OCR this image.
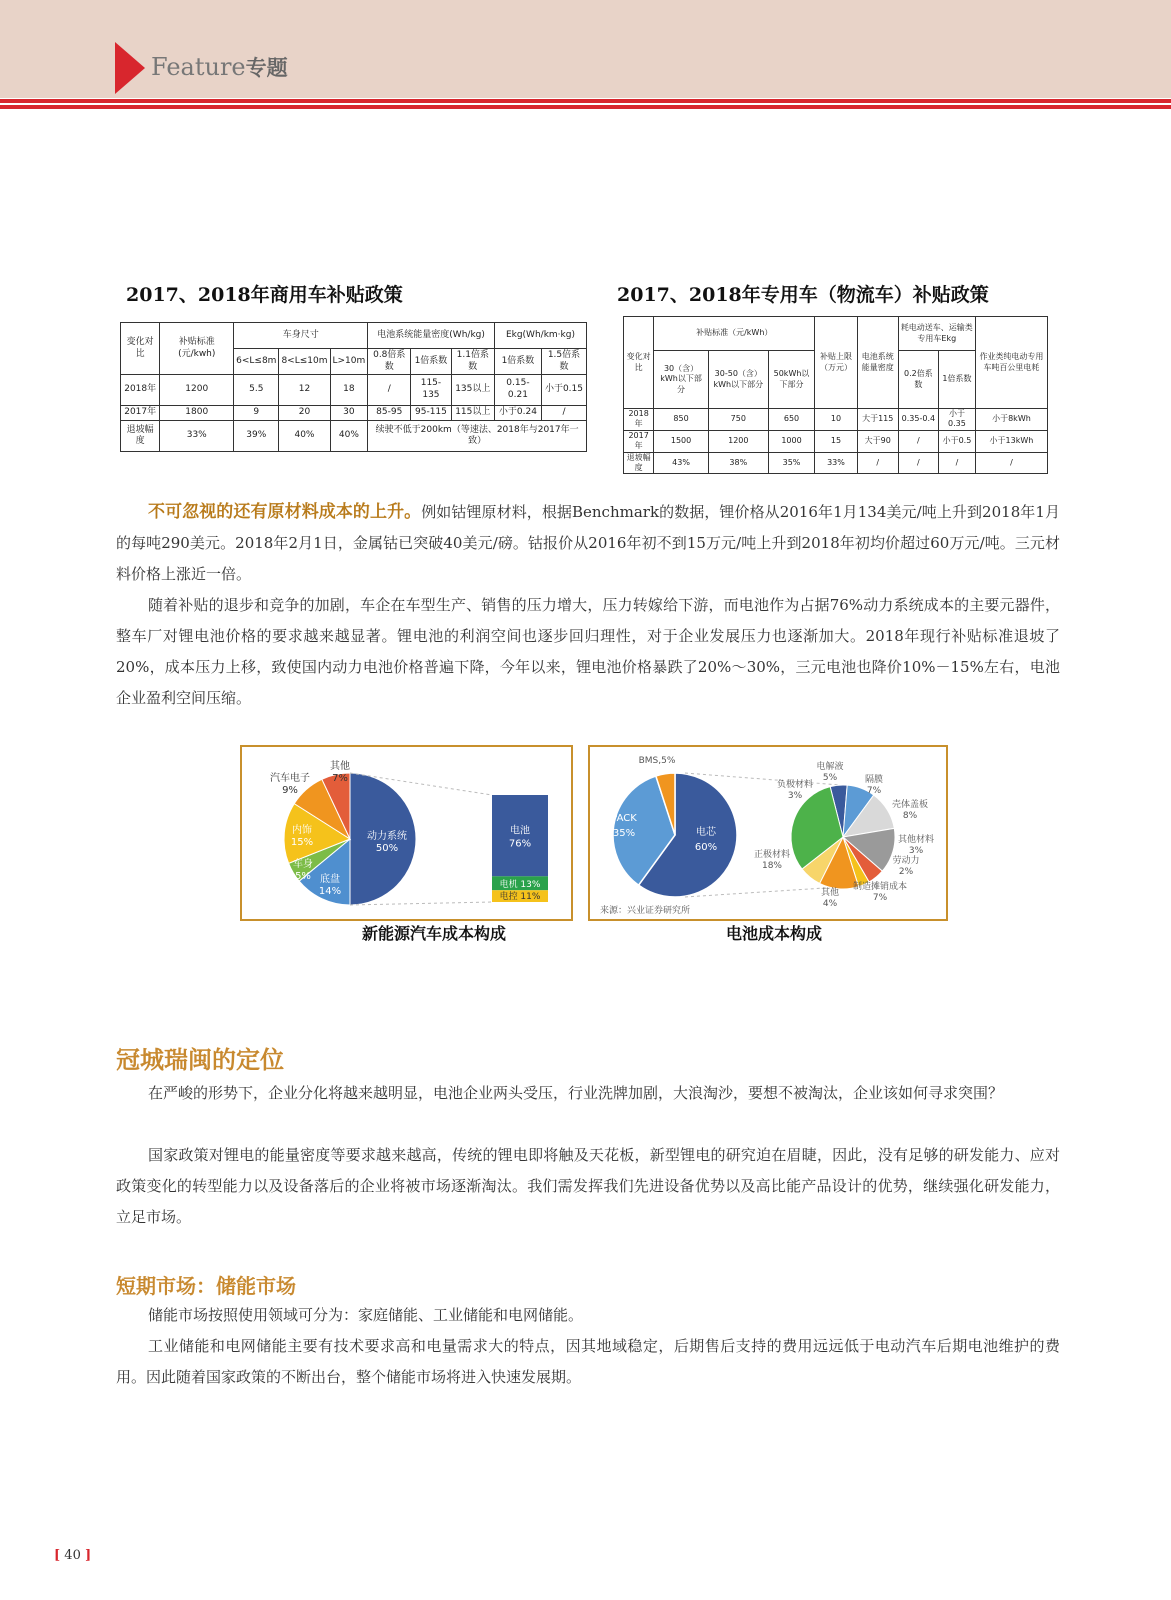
Feature专题
2017、2018年商用车补贴政策
变化对比	补贴标准(元/kwh)	车身尺寸			电池系统能量密度(Wh/kg)			Ekg(Wh/km·kg)	
		6<L≤8m	8<L≤10m	L>10m	0.8倍系数	1倍系数	1.1倍系数	1倍系数	1.5倍系数
2018年	1200	5.5	12	18	/	115-135	135以上	0.15-0.21	小于0.15
2017年	1800	9	20	30	85-95	95-115	115以上	小于0.24	/
退坡幅度	33%	39%	40%	40%	续驶不低于200km（等速法、2018年与2017年一致）				
2017、2018年专用车（物流车）补贴政策
变化对比	补贴标准（元/kWh）			补贴上限（万元）	电池系统能量密度	耗电动送车、运输类专用车Ekg		作业类纯电动专用车吨百公里电耗
	30（含）kWh以下部分	30-50（含）kWh以下部分	50kWh以下部分			0.2倍系数	1倍系数	
2018年	850	750	650	10	大于115	0.35-0.4	小于0.35	小于8kWh
2017年	1500	1200	1000	15	大于90	/	小于0.5	小于13kWh
退坡幅度	43%	38%	35%	33%	/	/	/	/

不可忽视的还有原材料成本的上升。例如钴锂原材料，根据Benchmark的数据，锂价格从2016年1月134美元/吨上升到2018年1月的每吨290美元。2018年2月1日，金属钴已突破40美元/磅。钴报价从2016年初不到15万元/吨上升到2018年初均价超过60万元/吨。三元材料价格上涨近一倍。

随着补贴的退步和竞争的加剧，车企在车型生产、销售的压力增大，压力转嫁给下游，而电池作为占据76%动力系统成本的主要元器件，整车厂对锂电池价格的要求越来越显著。锂电池的利润空间也逐步回归理性，对于企业发展压力也逐渐加大。2018年现行补贴标准退坡了20%，成本压力上移，致使国内动力电池价格普遍下降，今年以来，锂电池价格暴跌了20%～30%，三元电池也降价10%－15%左右，电池企业盈利空间压缩。

动力系统
50%
底盘
14%
车身
5%
内饰
15%
汽车电子
9%
其他
7%
电池
76%
电机 13%
电控 11%
新能源汽车成本构成
电芯
60%
PACK
35%
BMS,5%
正极材料
18%
负极材料
3%
电解液
5%	隔膜
7%
壳体盖板
8%
其他材料
3%
劳动力
2%
制造摊销成本
7%
其他
4%
来源：兴业证券研究所
电池成本构成
冠城瑞闽的定位

在严峻的形势下，企业分化将越来越明显，电池企业两头受压，行业洗牌加剧，大浪淘沙，要想不被淘汰，企业该如何寻求突围？

国家政策对锂电的能量密度等要求越来越高，传统的锂电即将触及天花板，新型锂电的研究迫在眉睫，因此，没有足够的研发能力、应对政策变化的转型能力以及设备落后的企业将被市场逐渐淘汰。我们需发挥我们先进设备优势以及高比能产品设计的优势，继续强化研发能力，立足市场。

短期市场：储能市场

储能市场按照使用领域可分为：家庭储能、工业储能和电网储能。

工业储能和电网储能主要有技术要求高和电量需求大的特点，因其地域稳定，后期售后支持的费用远远低于电动汽车后期电池维护的费用。因此随着国家政策的不断出台，整个储能市场将进入快速发展期。

[ 40 ]
